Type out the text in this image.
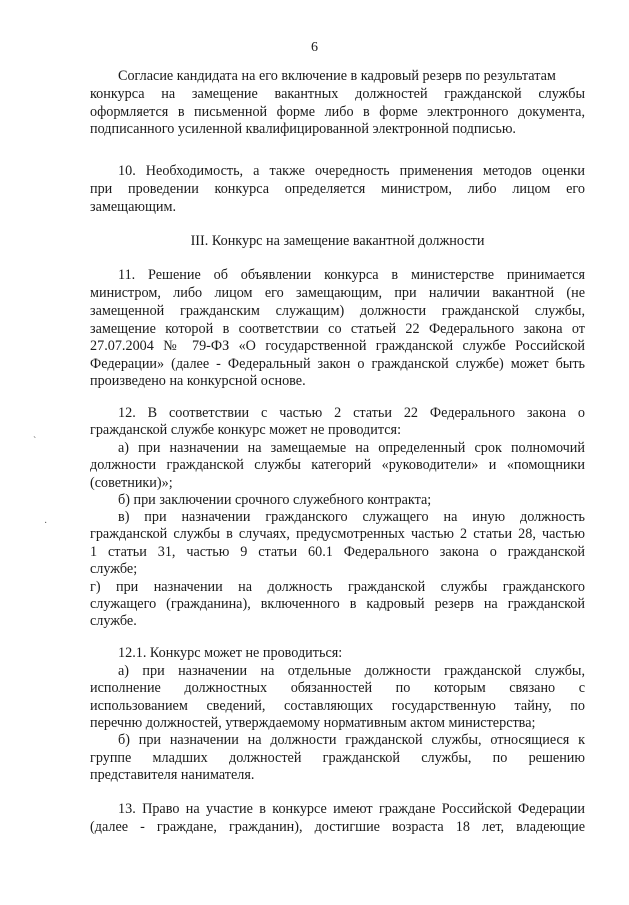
6
Согласие кандидата на его включение в кадровый резерв по результатам
конкурса на замещение вакантных должностей гражданской службы
оформляется в письменной форме либо в форме электронного документа,
подписанного усиленной квалифицированной электронной подписью.
10. Необходимость, а также очередность применения методов оценки
при проведении конкурса определяется министром, либо лицом его
замещающим.
III. Конкурс на замещение вакантной должности
11. Решение об объявлении конкурса в министерстве принимается
министром, либо лицом его замещающим, при наличии вакантной (не
замещенной гражданским служащим) должности гражданской службы,
замещение которой в соответствии со статьей 22 Федерального закона от
27.07.2004 № 79-ФЗ «О государственной гражданской службе Российской
Федерации» (далее - Федеральный закон о гражданской службе) может быть
произведено на конкурсной основе.
12. В соответствии с частью 2 статьи 22 Федерального закона о
гражданской службе конкурс может не проводится:
а) при назначении на замещаемые на определенный срок полномочий
должности гражданской службы категорий «руководители» и «помощники
(советники)»;
б) при заключении срочного служебного контракта;
в) при назначении гражданского служащего на иную должность
гражданской службы в случаях, предусмотренных частью 2 статьи 28, частью
1 статьи 31, частью 9 статьи 60.1 Федерального закона о гражданской
службе;
г) при назначении на должность гражданской службы гражданского
служащего (гражданина), включенного в кадровый резерв на гражданской
службе.
12.1. Конкурс может не проводиться:
а) при назначении на отдельные должности гражданской службы,
исполнение должностных обязанностей по которым связано с
использованием сведений, составляющих государственную тайну, по
перечню должностей, утверждаемому нормативным актом министерства;
б) при назначении на должности гражданской службы, относящиеся к
группе младших должностей гражданской службы, по решению
представителя нанимателя.
13. Право на участие в конкурсе имеют граждане Российской Федерации
(далее - граждане, гражданин), достигшие возраста 18 лет, владеющие
ˋ
·
